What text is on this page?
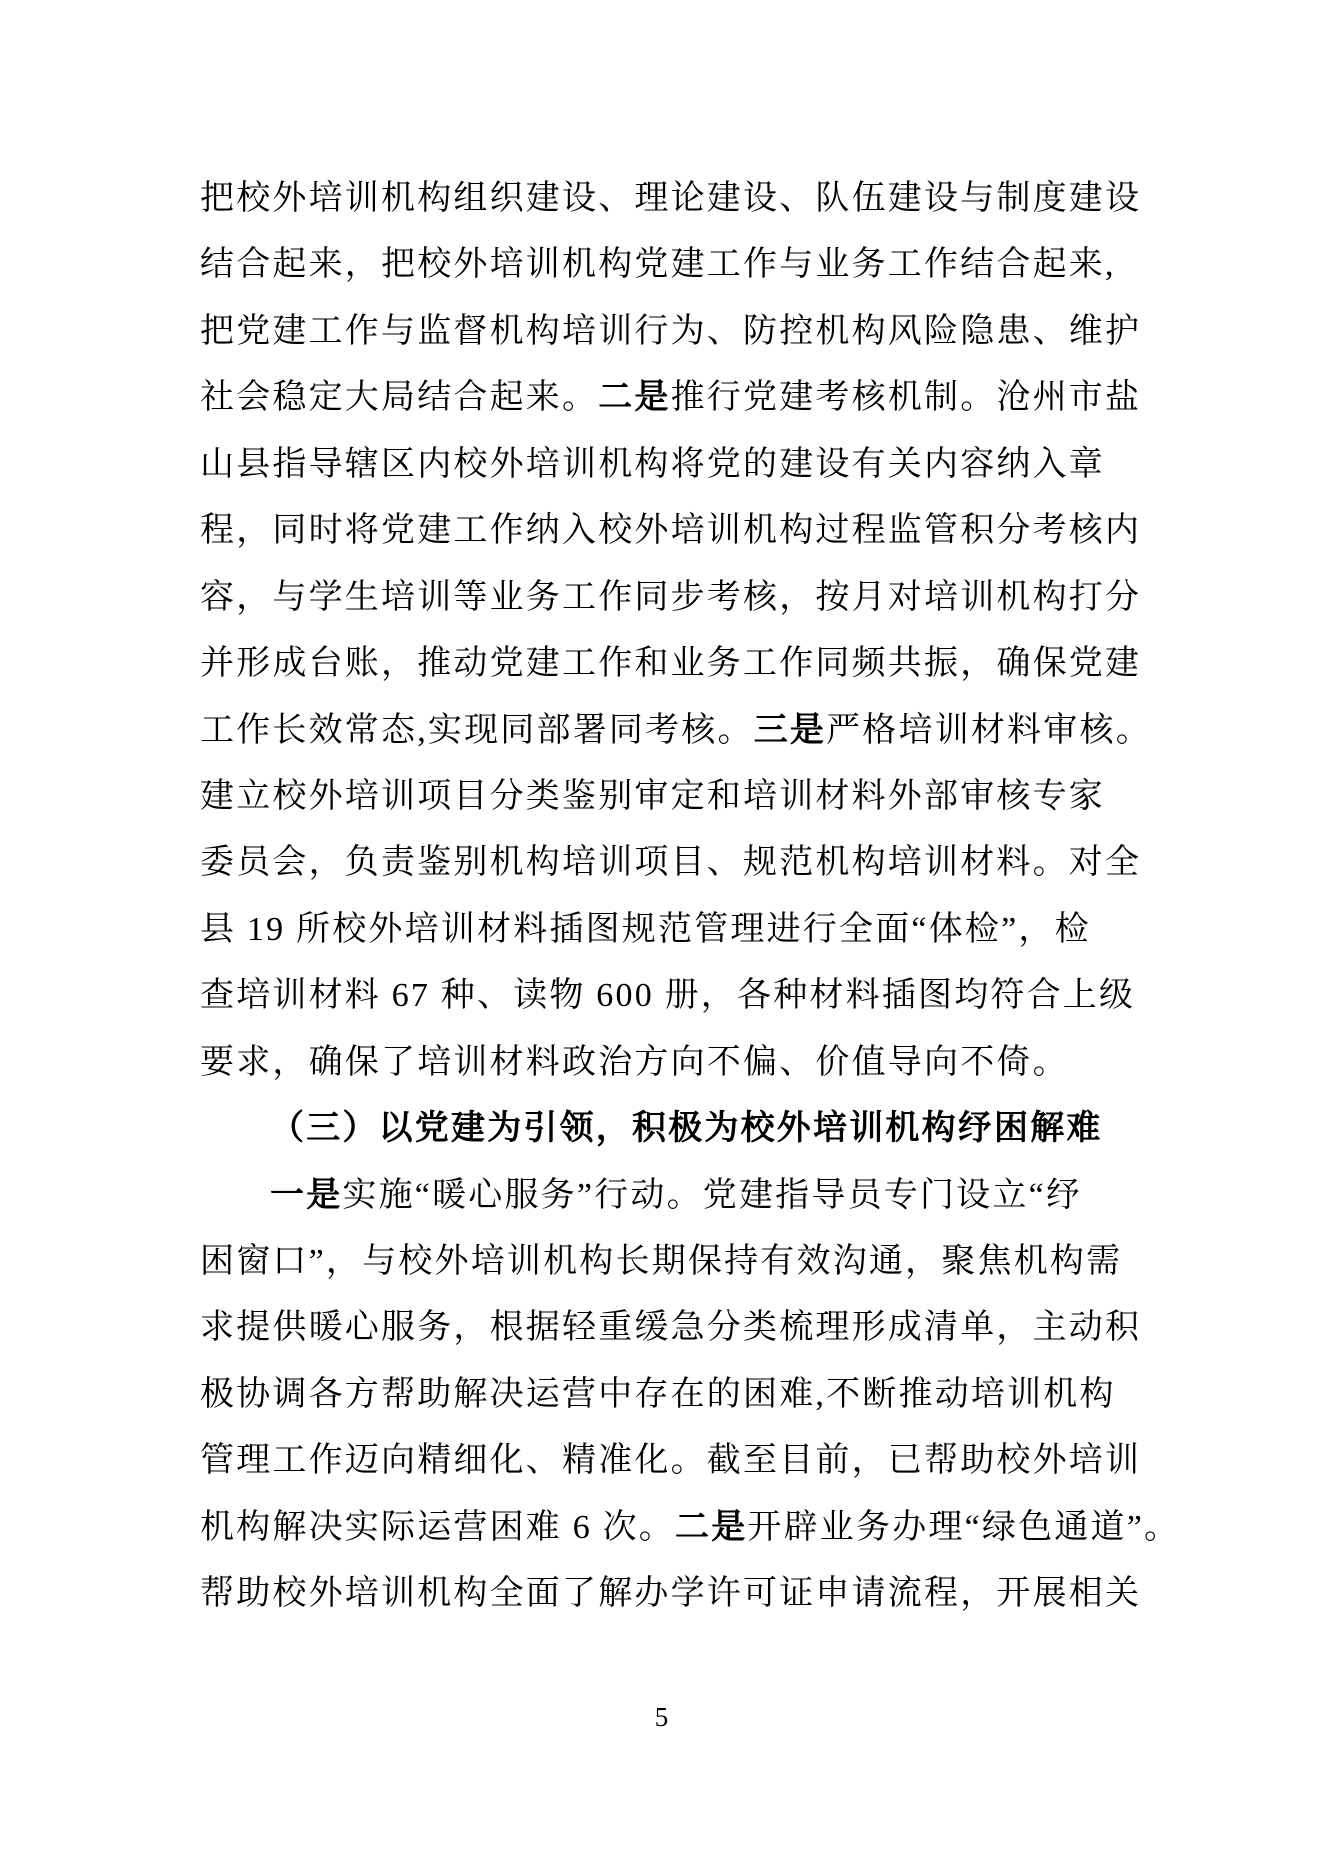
把校外培训机构组织建设、理论建设、队伍建设与制度建设
结合起来，把校外培训机构党建工作与业务工作结合起来,
把党建工作与监督机构培训行为、防控机构风险隐患、维护
社会稳定大局结合起来。二是推行党建考核机制。沧州市盐
山县指导辖区内校外培训机构将党的建设有关内容纳入章
程，同时将党建工作纳入校外培训机构过程监管积分考核内
容，与学生培训等业务工作同步考核，按月对培训机构打分
并形成台账，推动党建工作和业务工作同频共振，确保党建
工作长效常态,实现同部署同考核。三是严格培训材料审核。
建立校外培训项目分类鉴别审定和培训材料外部审核专家
委员会，负责鉴别机构培训项目、规范机构培训材料。对全
县 19 所校外培训材料插图规范管理进行全面“体检”，检
查培训材料 67 种、读物 600 册，各种材料插图均符合上级
要求，确保了培训材料政治方向不偏、价值导向不倚。
（三）以党建为引领，积极为校外培训机构纾困解难
一是实施“暖心服务”行动。党建指导员专门设立“纾
困窗口”，与校外培训机构长期保持有效沟通，聚焦机构需
求提供暖心服务，根据轻重缓急分类梳理形成清单，主动积
极协调各方帮助解决运营中存在的困难,不断推动培训机构
管理工作迈向精细化、精准化。截至目前，已帮助校外培训
机构解决实际运营困难 6 次。二是开辟业务办理“绿色通道”。
帮助校外培训机构全面了解办学许可证申请流程，开展相关
5
